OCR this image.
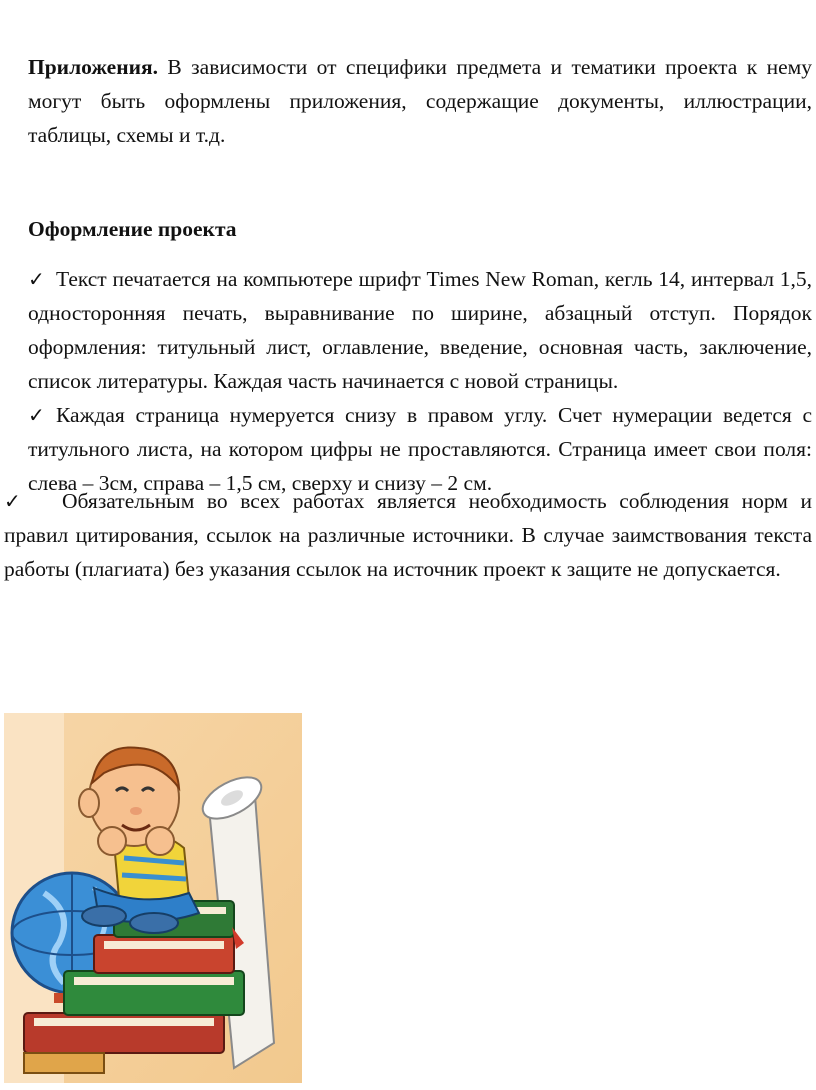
Приложения. В зависимости от специфики предмета и тематики проекта к нему могут быть оформлены приложения, содержащие документы, иллюстрации, таблицы, схемы и т.д.
Оформление проекта
✓ Текст печатается на компьютере шрифт Times New Roman, кегль 14, интервал 1,5, односторонняя печать, выравнивание по ширине, абзацный отступ. Порядок оформления: титульный лист, оглавление, введение, основная часть, заключение, список литературы. Каждая часть начинается с новой страницы.
✓ Каждая страница нумеруется снизу в правом углу. Счет нумерации ведется с титульного листа, на котором цифры не проставляются. Страница имеет свои поля: слева – 3см, справа – 1,5 см, сверху и снизу – 2 см.
✓ Обязательным во всех работах является необходимость соблюдения норм и правил цитирования, ссылок на различные источники. В случае заимствования текста работы (плагиата) без указания ссылок на источник проект к защите не допускается.
